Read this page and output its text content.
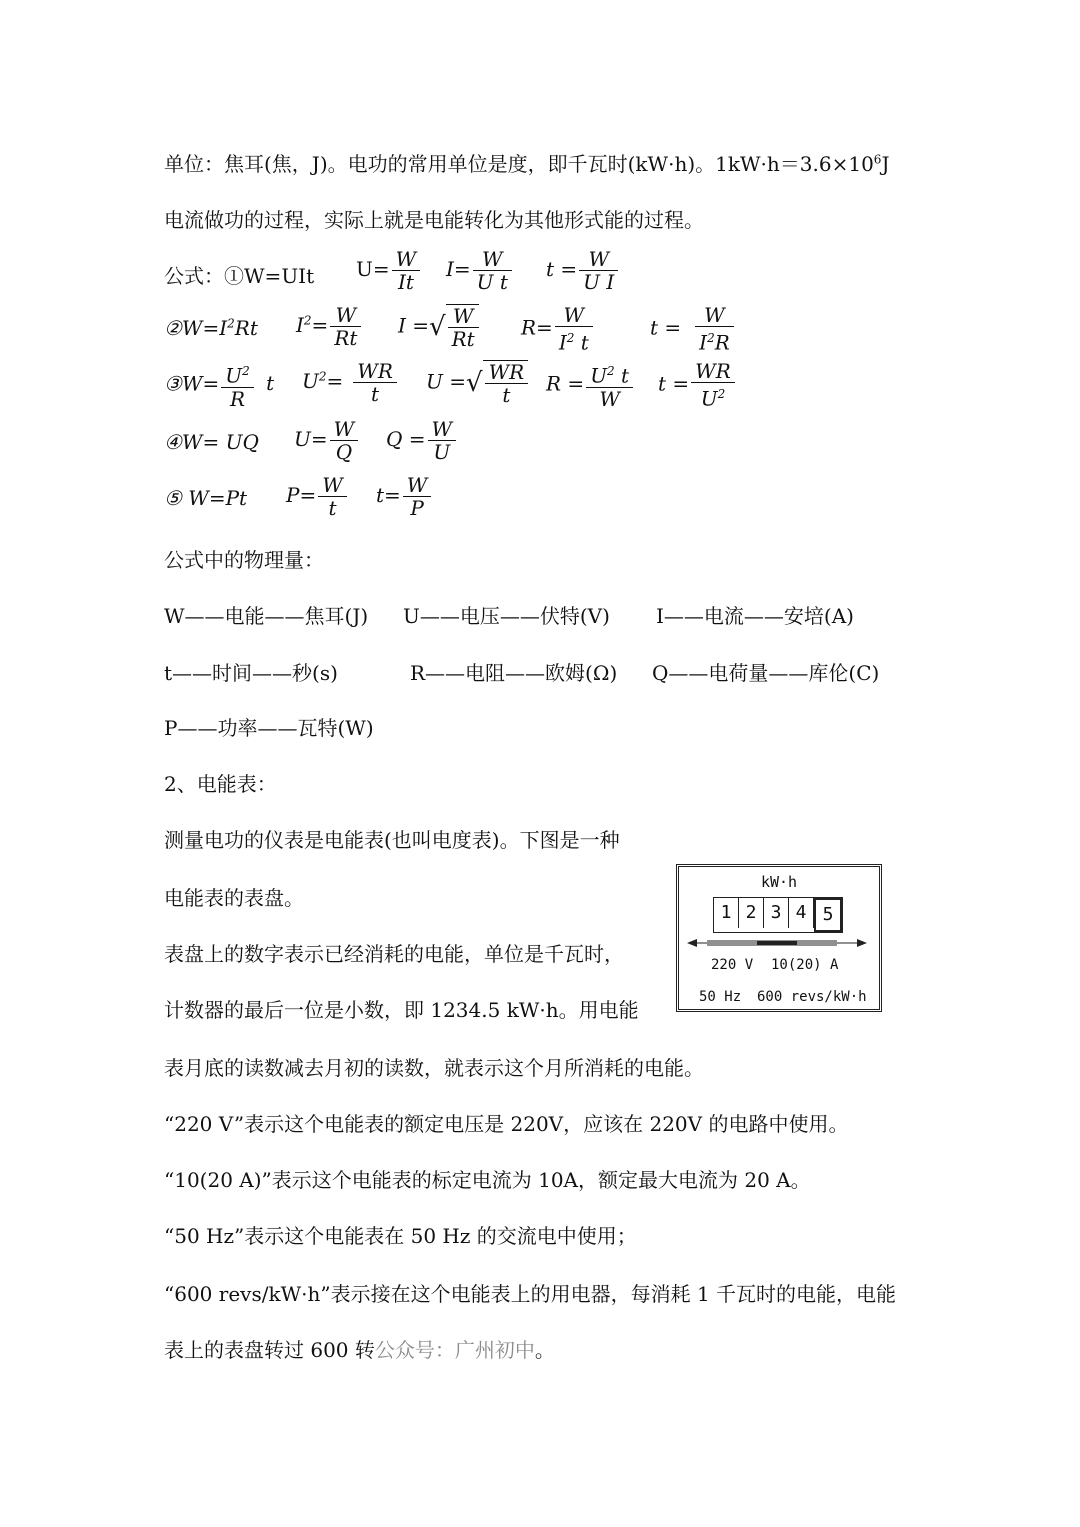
单位：焦耳(焦，J)。电功的常用单位是度，即千瓦时(kW·h)。$1kW\cdot h=3.6\times 10^6J$
电流做功的过程，实际上就是电能转化为其他形式能的过程。
公式：①W=UIt $U= \frac{W}{It} I= \frac{W}{\text{U t}}$ $t = \frac{W}{\text{U I}}$
$②W=I^2Rt$ $I^2= \frac{W}{Rt}$ I =√ $\frac{W}{Rt} R= \frac{W}{I^2 t}$	$t = \frac{W}{I^2R}$
③W= $\frac{U^2}{R}$ t $U^2= \frac{WR}{t}$ U =√ $\frac{WR}{t}$ $R = \frac{U^2 t}{W}$ $t = \frac{WR}{U^2}$
④W= UQ $U= \frac{W}{Q}$ $Q = \frac{W}{U}$
⑤ W=Pt $P= \frac{W}{t} t= \frac{W}{P}$
公式中的物理量：
W——电能——焦耳(J) U——电压——伏特(V) I——电流——安培(A)
t——时间——秒(s)	R——电阻——欧姆(Ω) Q——电荷量——库伦(C)
P——功率——瓦特(W)
2、电能表：
测量电功的仪表是电能表(也叫电度表)。下图是一种
电能表的表盘。
表盘上的数字表示已经消耗的电能，单位是千瓦时，
计数器的最后一位是小数，即 1234.5 kW·h。用电能
表月底的读数减去月初的读数，就表示这个月所消耗的电能。
“220 V”表示这个电能表的额定电压是 220V，应该在 220V 的电路中使用。
“10(20 A)”表示这个电能表的标定电流为 10A，额定最大电流为 20 A。
“50 Hz”表示这个电能表在 50 Hz 的交流电中使用；
“600 revs/kW·h”表示接在这个电能表上的用电器，每消耗 1 千瓦时的电能，电能
表上的表盘转过 600 转公众号：广州初中。
kW·h
1 2 3 4 5
220 V 10(20) A
50 Hz 600 revs/kW·h
